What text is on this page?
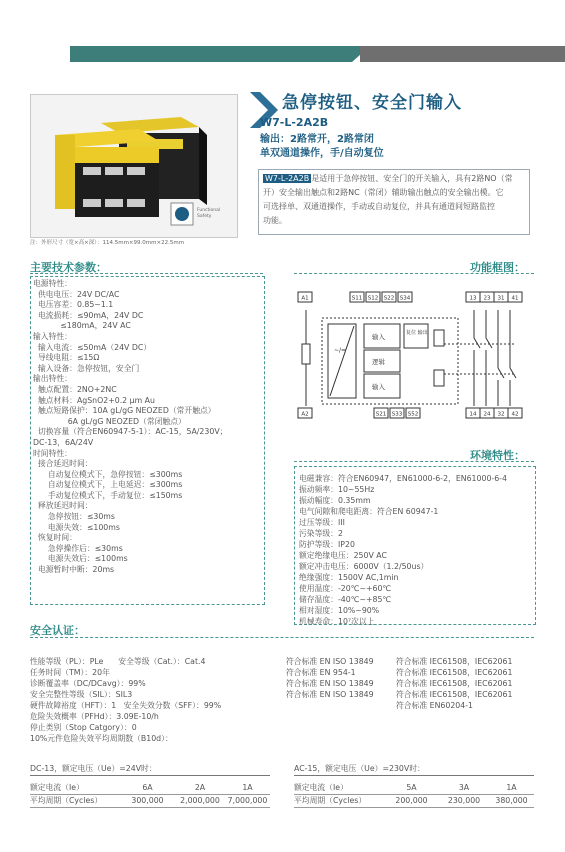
Functional
Safety
急停按钮、安全门输入
W7-L-2A2B
输出：2路常开，2路常闭
单双通道操作，手/自动复位
W7-L-2A2B 是适用于急停按钮、安全门的开关输入，具有2路NO（常
开）安全输出触点和2路NC（常闭）辅助输出触点的安全输出模。它
可选择单、双通道操作，手动或自动复位，并具有通道间短路监控
功能。
注：外形尺寸（宽×高×深）：114.5mm×99.0mm×22.5mm
主要技术参数：
电源特性：
供电电压：24V DC/AC
电压容差：0.85~1.1
电流损耗：≤90mA，24V DC
≤180mA，24V AC
输入特性：
输入电流：≤50mA（24V DC）
导线电阻：≤15Ω
输入设备：急停按钮，安全门
输出特性：
触点配置：2NO+2NC
触点材料：AgSnO2+0.2 μm Au
触点短路保护：10A gL/gG NEOZED（常开触点）
6A gL/gG NEOZED（常闭触点）
切换容量（符合EN60947-5-1）：AC-15，5A/230V；
DC-13，6A/24V
时间特性：
接合延迟时间：
自动复位模式下，急停按钮：≤300ms
自动复位模式下，上电延迟：≤300ms
手动复位模式下，手动复位：≤150ms
释放延迟时间：
急停按钮：≤30ms
电源失效：≤100ms
恢复时间：
急停操作后：≤30ms
电源失效后：≤100ms
电源暂时中断：20ms
功能框图：
A1	S11 S12 S22 S34	13 23 31 41
A2	S21 S33 S52	14 24 32 42
~/=
输入
逻辑
输入
复位 输出
环境特性：
电磁兼容：符合EN60947，EN61000-6-2，EN61000-6-4
振动频率：10~55Hz
振动幅度：0.35mm
电气间隙和爬电距离：符合EN 60947-1
过压等级：III
污染等级：2
防护等级：IP20
额定绝缘电压：250V AC
额定冲击电压：6000V（1.2/50us）
绝缘强度：1500V AC,1min
使用温度：-20℃~+60℃
储存温度：-40℃~+85℃
相对湿度：10%~90%
机械寿命：10⁷次以上
安全认证：
性能等级（PL）：PLe      安全等级（Cat.）：Cat.4
任务时间（TM）：20年
诊断覆盖率（DC/DCavg）：99%
安全完整性等级（SIL）：SIL3
硬件故障裕度（HFT）：1   安全失效分数（SFF）：99%
危险失效概率（PFHd）：3.09E-10/h
停止类别（Stop Catgory）：0
10%元件危险失效平均周期数（B10d）：
符合标准 EN ISO 13849
符合标准 EN 954-1
符合标准 EN ISO 13849
符合标准 EN ISO 13849
符合标准 IEC61508，IEC62061
符合标准 IEC61508，IEC62061
符合标准 IEC61508，IEC62061
符合标准 IEC61508，IEC62061
符合标准 EN60204-1
DC-13，额定电压（Ue）=24V时：
额定电流（Ie）	6A	2A	1A
平均周期（Cycles）	300,000	2,000,000	7,000,000
AC-15，额定电压（Ue）=230V时：
额定电流（Ie）	5A	3A	1A
平均周期（Cycles）	200,000	230,000	380,000
